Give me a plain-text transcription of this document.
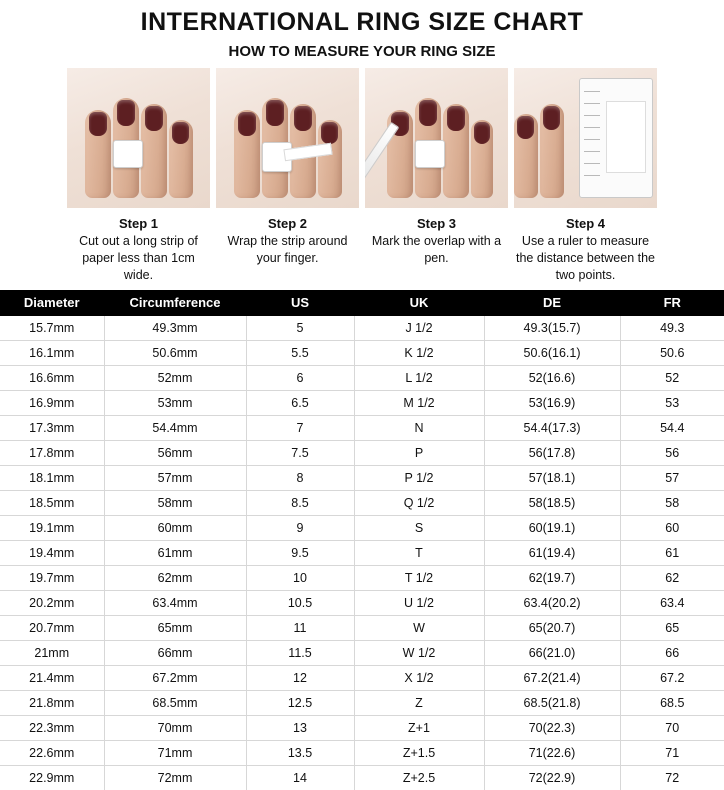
INTERNATIONAL RING SIZE CHART
HOW TO MEASURE YOUR RING SIZE
Step 1
Cut out a long strip of paper less than 1cm wide.
Step 2
Wrap the strip around your finger.
Step 3
Mark the overlap with a pen.
Step 4
Use a ruler to measure the distance between the two points.
Diameter	Circumference	US	UK	DE	FR
15.7mm	49.3mm	5	J 1/2	49.3(15.7)	49.3
16.1mm	50.6mm	5.5	K 1/2	50.6(16.1)	50.6
16.6mm	52mm	6	L 1/2	52(16.6)	52
16.9mm	53mm	6.5	M 1/2	53(16.9)	53
17.3mm	54.4mm	7	N	54.4(17.3)	54.4
17.8mm	56mm	7.5	P	56(17.8)	56
18.1mm	57mm	8	P 1/2	57(18.1)	57
18.5mm	58mm	8.5	Q 1/2	58(18.5)	58
19.1mm	60mm	9	S	60(19.1)	60
19.4mm	61mm	9.5	T	61(19.4)	61
19.7mm	62mm	10	T 1/2	62(19.7)	62
20.2mm	63.4mm	10.5	U 1/2	63.4(20.2)	63.4
20.7mm	65mm	11	W	65(20.7)	65
21mm	66mm	11.5	W 1/2	66(21.0)	66
21.4mm	67.2mm	12	X 1/2	67.2(21.4)	67.2
21.8mm	68.5mm	12.5	Z	68.5(21.8)	68.5
22.3mm	70mm	13	Z+1	70(22.3)	70
22.6mm	71mm	13.5	Z+1.5	71(22.6)	71
22.9mm	72mm	14	Z+2.5	72(22.9)	72
